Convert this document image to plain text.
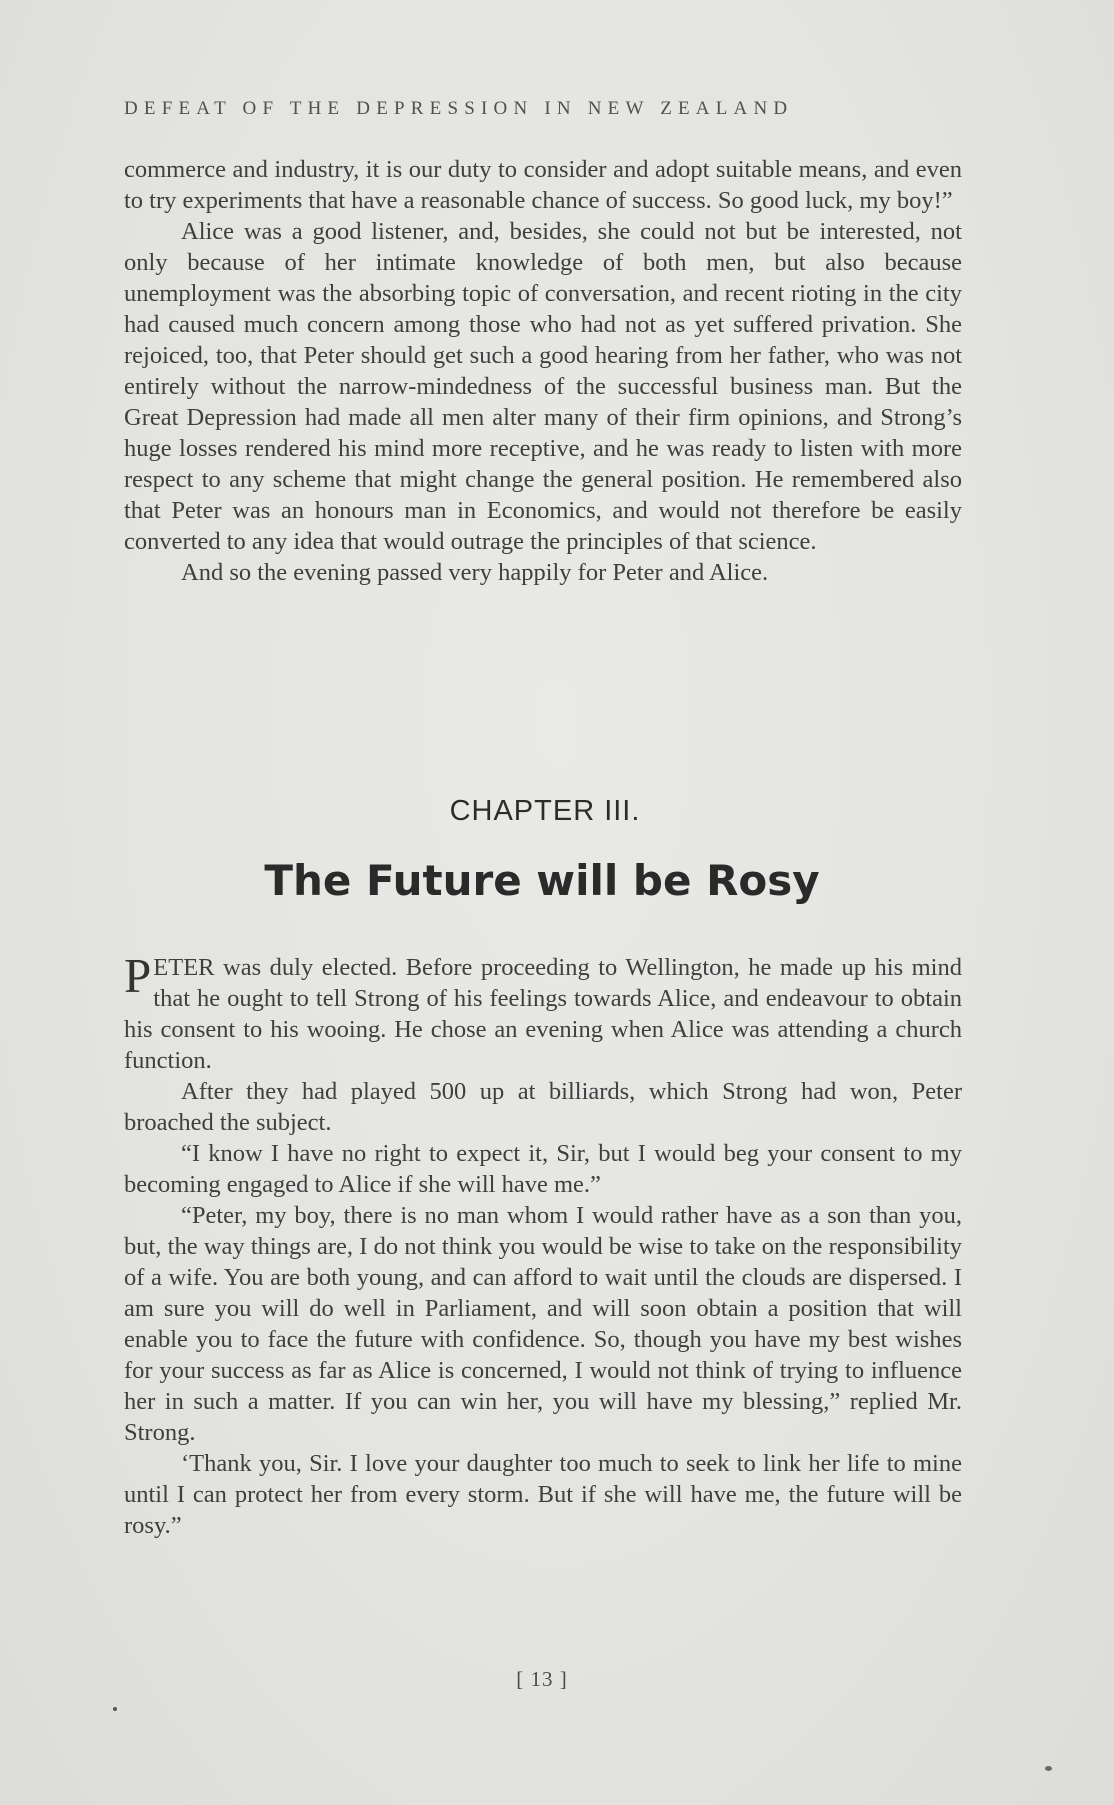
DEFEAT OF THE DEPRESSION IN NEW ZEALAND

commerce and industry, it is our duty to consider and adopt suitable means, and even to try experiments that have a reasonable chance of success. So good luck, my boy!”

Alice was a good listener, and, besides, she could not but be interested, not only because of her intimate knowledge of both men, but also because unemployment was the absorbing topic of conversation, and recent rioting in the city had caused much concern among those who had not as yet suffered privation. She rejoiced, too, that Peter should get such a good hearing from her father, who was not entirely without the narrow-mindedness of the successful business man. But the Great Depression had made all men alter many of their firm opinions, and Strong’s huge losses rendered his mind more receptive, and he was ready to listen with more respect to any scheme that might change the general position. He remembered also that Peter was an honours man in Economics, and would not therefore be easily converted to any idea that would outrage the principles of that science.

And so the evening passed very happily for Peter and Alice.

CHAPTER III.
The Future will be Rosy

PETER was duly elected. Before proceeding to Wellington, he made up his mind that he ought to tell Strong of his feelings towards Alice, and endeavour to obtain his consent to his wooing. He chose an evening when Alice was attending a church function.

After they had played 500 up at billiards, which Strong had won, Peter broached the subject.

“I know I have no right to expect it, Sir, but I would beg your consent to my becoming engaged to Alice if she will have me.”

“Peter, my boy, there is no man whom I would rather have as a son than you, but, the way things are, I do not think you would be wise to take on the responsibility of a wife. You are both young, and can afford to wait until the clouds are dispersed. I am sure you will do well in Parliament, and will soon obtain a position that will enable you to face the future with confidence. So, though you have my best wishes for your success as far as Alice is concerned, I would not think of trying to influence her in such a matter. If you can win her, you will have my blessing,” replied Mr. Strong.

‘Thank you, Sir. I love your daughter too much to seek to link her life to mine until I can protect her from every storm. But if she will have me, the future will be rosy.”

[ 13 ]
